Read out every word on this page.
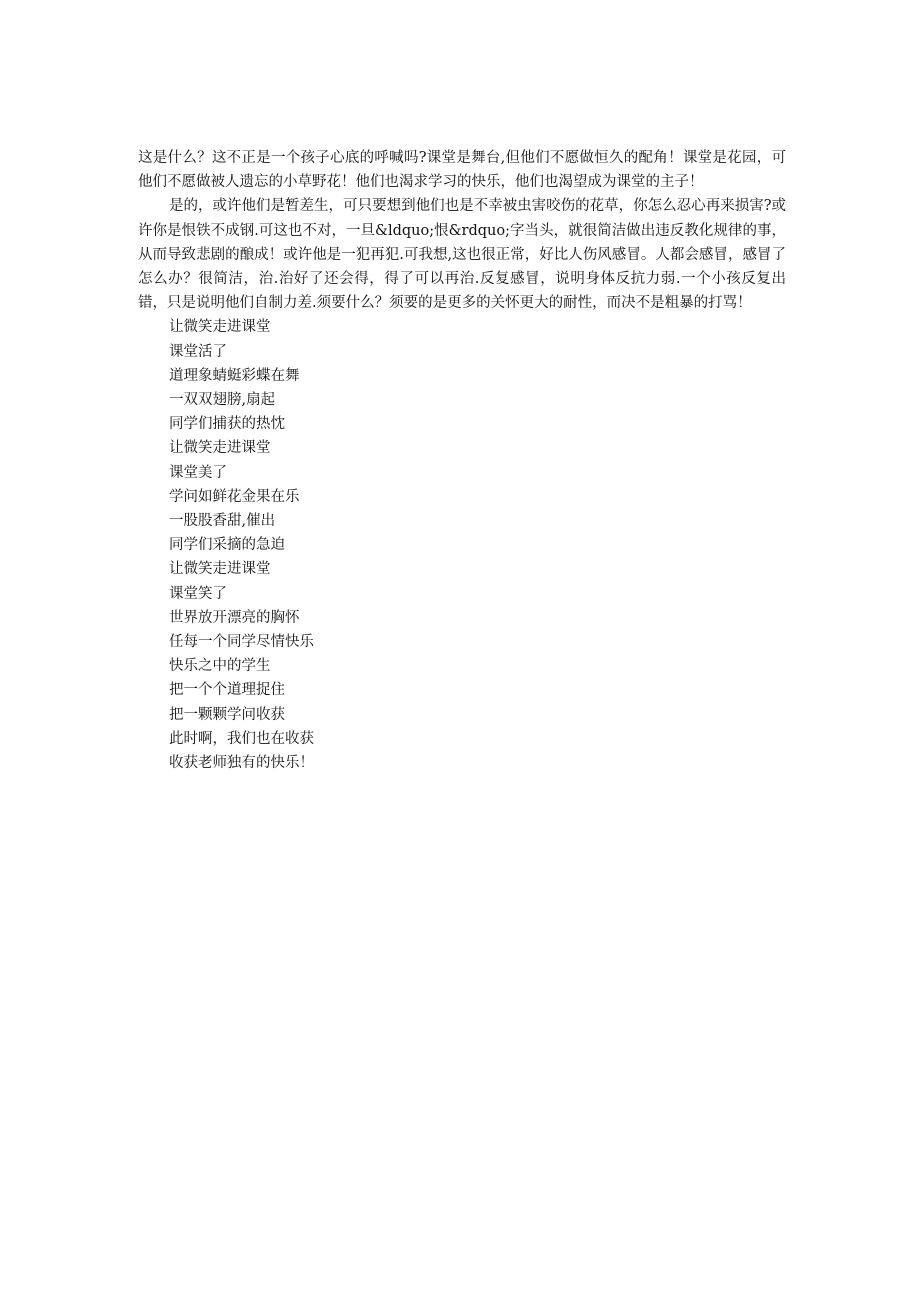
这是什么？这不正是一个孩子心底的呼喊吗?课堂是舞台,但他们不愿做恒久的配角！课堂是花园，可他们不愿做被人遗忘的小草野花！他们也渴求学习的快乐，他们也渴望成为课堂的主子！

是的，或许他们是暂差生，可只要想到他们也是不幸被虫害咬伤的花草，你怎么忍心再来损害?或许你是恨铁不成钢.可这也不对，一旦&ldquo;恨&rdquo;字当头，就很简洁做出违反教化规律的事，从而导致悲剧的酿成！或许他是一犯再犯.可我想,这也很正常，好比人伤风感冒。人都会感冒，感冒了怎么办？很简洁，治.治好了还会得，得了可以再治.反复感冒，说明身体反抗力弱.一个小孩反复出错，只是说明他们自制力差.须要什么？须要的是更多的关怀更大的耐性，而决不是粗暴的打骂！

让微笑走进课堂
课堂活了
道理象蜻蜓彩蝶在舞
一双双翅膀,扇起
同学们捕获的热忱
让微笑走进课堂
课堂美了
学问如鲜花金果在乐
一股股香甜,催出
同学们采摘的急迫
让微笑走进课堂
课堂笑了
世界放开漂亮的胸怀
任每一个同学尽情快乐
快乐之中的学生
把一个个道理捉住
把一颗颗学问收获
此时啊，我们也在收获
收获老师独有的快乐！
